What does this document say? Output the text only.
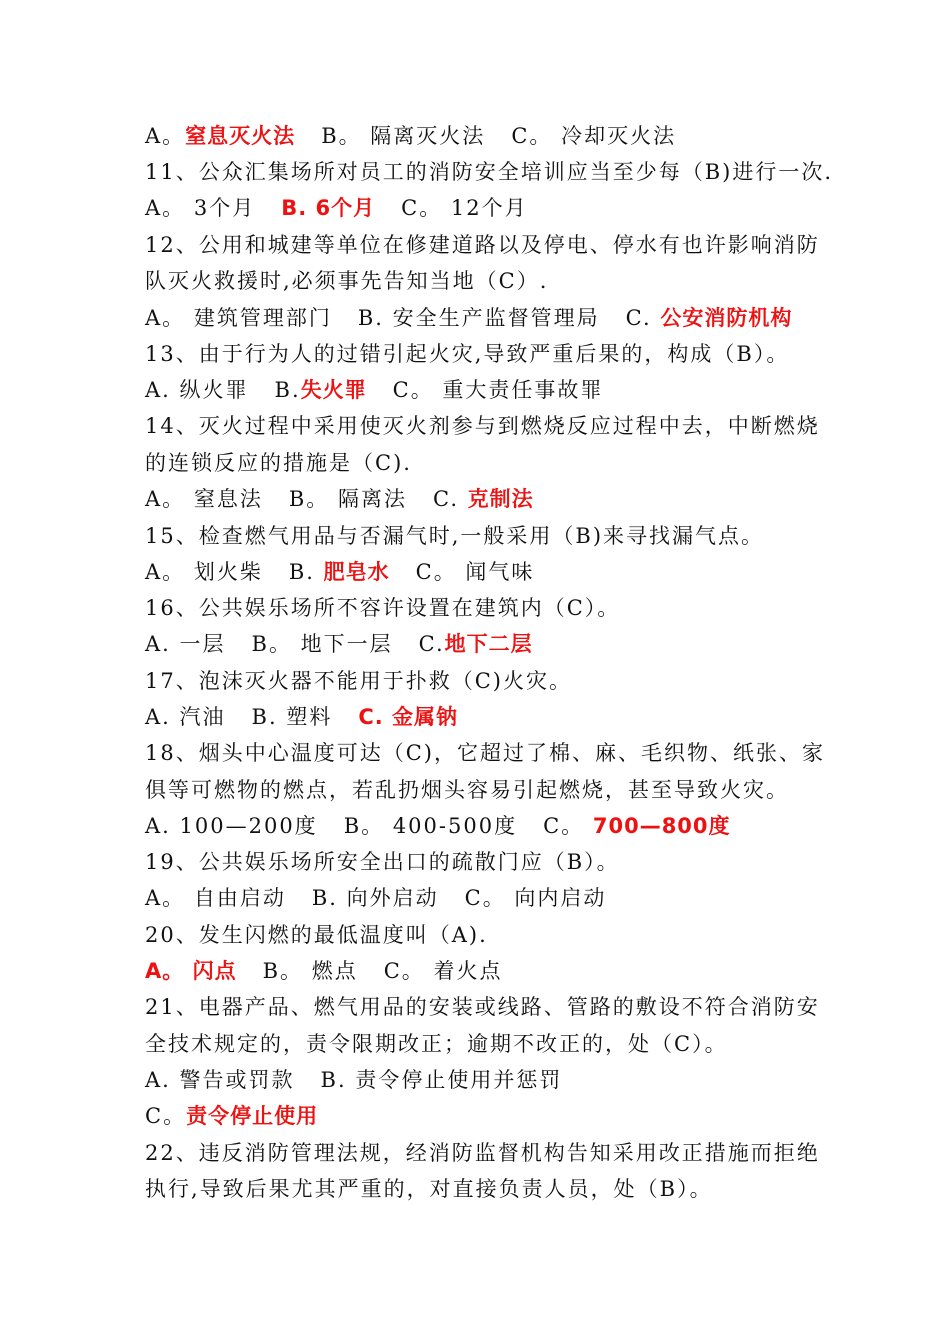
A。窒息灭火法   B。 隔离灭火法   C。 冷却灭火法
11、公众汇集场所对员工的消防安全培训应当至少每（B)进行一次.
A。 3个月   B. 6个月   C。 12个月
12、公用和城建等单位在修建道路以及停电、停水有也许影响消防
队灭火救援时,必须事先告知当地（C）.
A。 建筑管理部门   B. 安全生产监督管理局   C. 公安消防机构
13、由于行为人的过错引起火灾,导致严重后果的，构成（B）。
A. 纵火罪   B.失火罪   C。 重大责任事故罪
14、灭火过程中采用使灭火剂参与到燃烧反应过程中去，中断燃烧
的连锁反应的措施是（C).
A。 窒息法   B。 隔离法   C. 克制法
15、检查燃气用品与否漏气时,一般采用（B)来寻找漏气点。
A。 划火柴   B. 肥皂水   C。 闻气味
16、公共娱乐场所不容许设置在建筑内（C）。
A. 一层   B。 地下一层   C.地下二层
17、泡沫灭火器不能用于扑救（C)火灾。
A. 汽油   B. 塑料   C. 金属钠
18、烟头中心温度可达（C)，它超过了棉、麻、毛织物、纸张、家
俱等可燃物的燃点，若乱扔烟头容易引起燃烧，甚至导致火灾。
A. 100—200度   B。 400-500度   C。 700—800度
19、公共娱乐场所安全出口的疏散门应（B）。
A。 自由启动   B. 向外启动   C。 向内启动
20、发生闪燃的最低温度叫（A).
A。 闪点   B。 燃点   C。 着火点
21、电器产品、燃气用品的安装或线路、管路的敷设不符合消防安
全技术规定的，责令限期改正；逾期不改正的，处（C）。
A. 警告或罚款   B. 责令停止使用并惩罚
C。责令停止使用
22、违反消防管理法规，经消防监督机构告知采用改正措施而拒绝
执行,导致后果尤其严重的，对直接负责人员，处（B）。
